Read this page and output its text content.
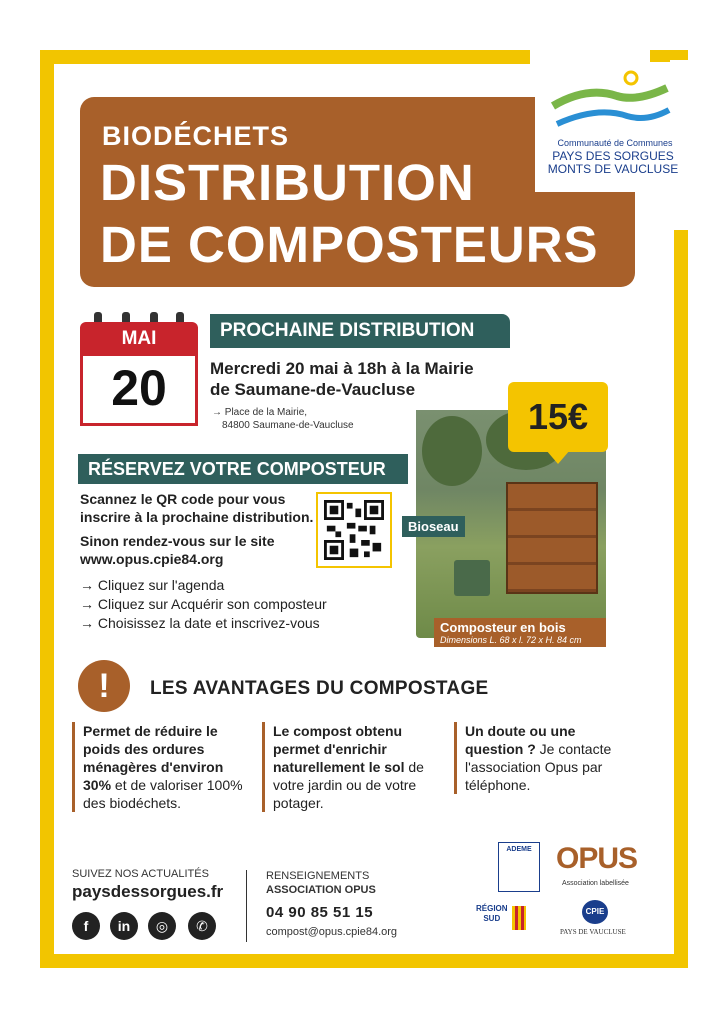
BIODÉCHETS
DISTRIBUTION
DE COMPOSTEURS
Communauté de Communes
PAYS DES SORGUES
MONTS DE VAUCLUSE
MAI
20
PROCHAINE DISTRIBUTION
Mercredi 20 mai à 18h à la Mairie
de Saumane-de-Vaucluse
→ Place de la Mairie,
84800 Saumane-de-Vaucluse	15€
Bioseau
Composteur en bois
Dimensions L. 68 x l. 72 x H. 84 cm
RÉSERVEZ VOTRE COMPOSTEUR
Scannez le QR code pour vous
inscrire à la prochaine distribution.
Sinon rendez-vous sur le site
www.opus.cpie84.org
→ Cliquez sur l'agenda
→ Cliquez sur Acquérir son composteur
→ Choisissez la date et inscrivez-vous
!	LES AVANTAGES DU COMPOSTAGE
Permet de réduire le poids des ordures ménagères d'environ 30% et de valoriser 100% des biodéchets.
Le compost obtenu permet d'enrichir naturellement le sol de votre jardin ou de votre potager.
Un doute ou une question ? Je contacte l'association Opus par téléphone.
SUIVEZ NOS ACTUALITÉS
paysdessorgues.fr
f	in	◎	✆
RENSEIGNEMENTS
ASSOCIATION OPUS
04 90 85 51 15
compost@opus.cpie84.org
ADEME OPUS
Association labellisée
RÉGION
SUD
CPIE
PAYS DE VAUCLUSE
